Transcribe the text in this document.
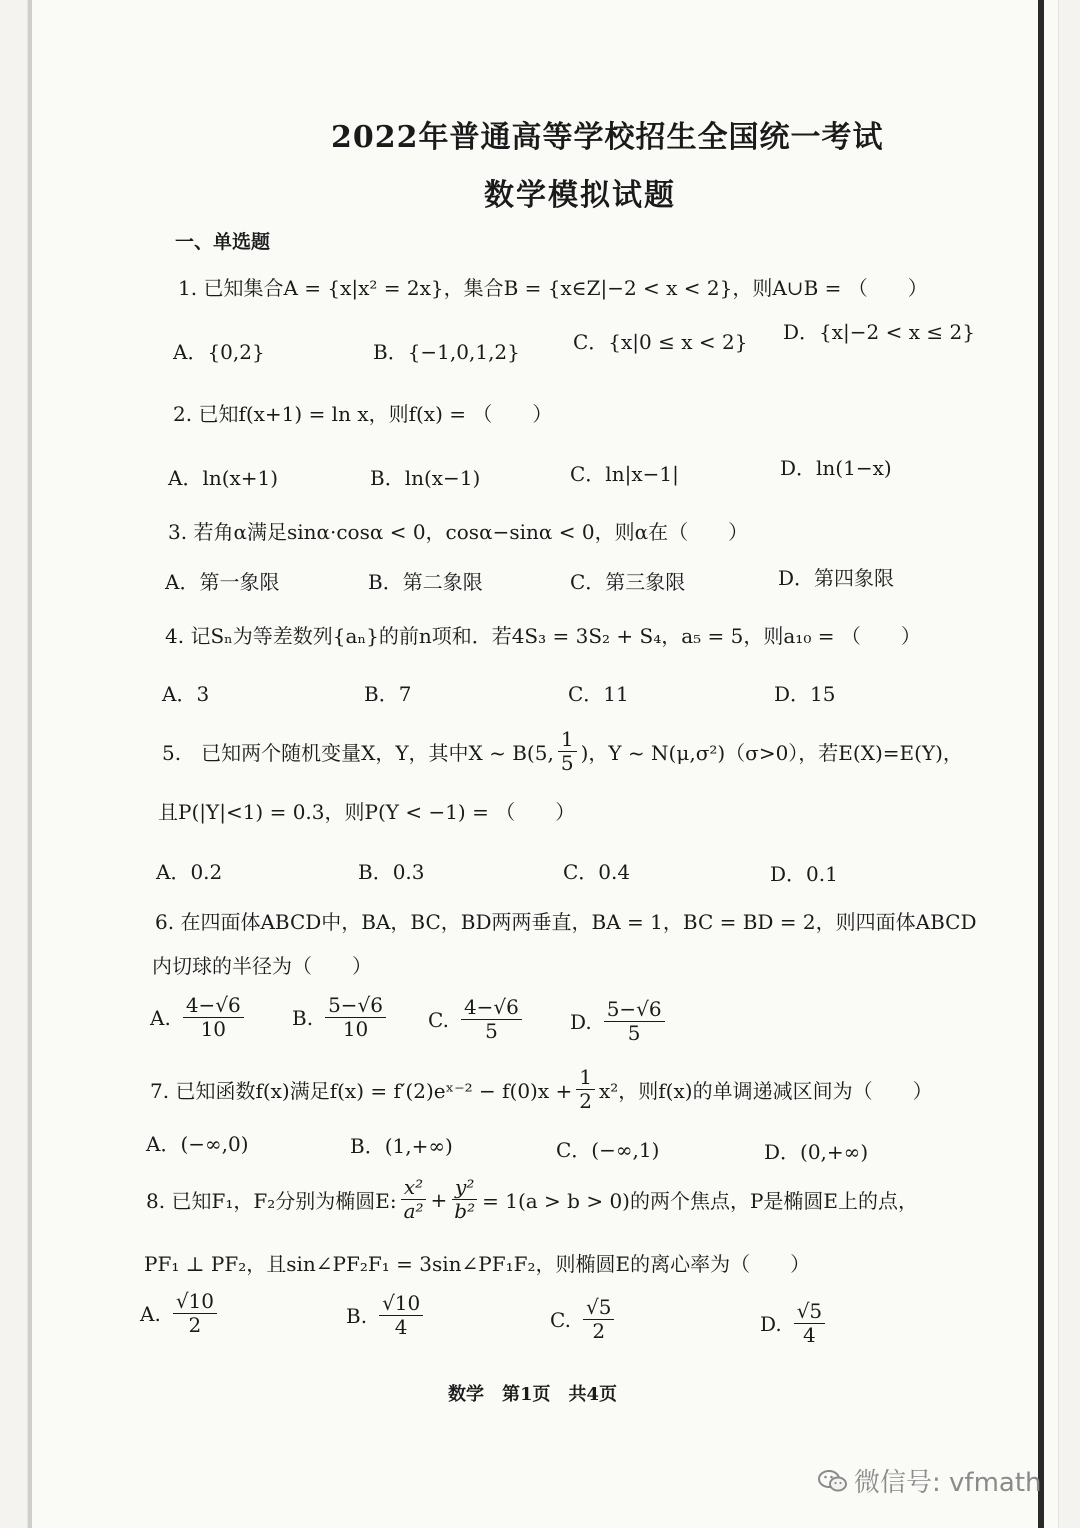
2022年普通高等学校招生全国统一考试
数学模拟试题
一、单选题
1. 已知集合A = {x|x² = 2x}，集合B = {x∈Z|−2 < x < 2}，则A∪B = （　　）
A．{0,2}	B．{−1,0,1,2}	C．{x|0 ≤ x < 2} D．{x|−2 < x ≤ 2}
2. 已知f(x+1) = ln x，则f(x) = （　　）
A．ln(x+1)	B．ln(x−1)	C．ln|x−1|	D．ln(1−x)
3. 若角α满足sinα·cosα < 0，cosα−sinα < 0，则α在（　　）
A．第一象限	B．第二象限	C．第三象限	D．第四象限
4. 记Sₙ为等差数列{aₙ}的前n项和．若4S₃ = 3S₂ + S₄，a₅ = 5，则a₁₀ = （　　）
A．3	B．7	C．11	D．15
5.　已知两个随机变量X，Y，其中X ~ B(5, $\frac{1}{5}$ )，Y ~ N(μ,σ²)（σ>0），若E(X)=E(Y)，
且P(|Y|<1) = 0.3，则P(Y < −1) = （　　）
A．0.2	B．0.3	C．0.4	D．0.1
6. 在四面体ABCD中，BA，BC，BD两两垂直，BA = 1，BC = BD = 2，则四面体ABCD
内切球的半径为（　　）
A. $\frac{4-√6}{10} B$. $\frac{5-√6}{10} C$. $\frac{4-√6}{5} D$. $\frac{5-√6}{5}$
7. 已知函数f(x)满足f(x) = f′(2)eˣ⁻² − $f(0)x + \frac{1}{2} x^2$，则f(x)的单调递减区间为（　　）
A．(−∞,0)	B．(1,+∞)	C．(−∞,1)	D．(0,+∞)
8. 已知F₁，F₂分别为椭圆E: $\frac{\text{x²}}{\text{a²}} + \frac{\text{y²}}{\text{b²}} = 1(a > b > 0)$的两个焦点，P是椭圆E上的点，
PF₁ ⊥ PF₂，且sin∠PF₂F₁ = 3sin∠PF₁F₂，则椭圆E的离心率为（　　）
A. $\frac{√10}{2}$	B. $\frac{√10}{4}$	C. $\frac{√5}{2}$	D. $\frac{√5}{4}$
数学　第1页　共4页
微信号: vfmath
